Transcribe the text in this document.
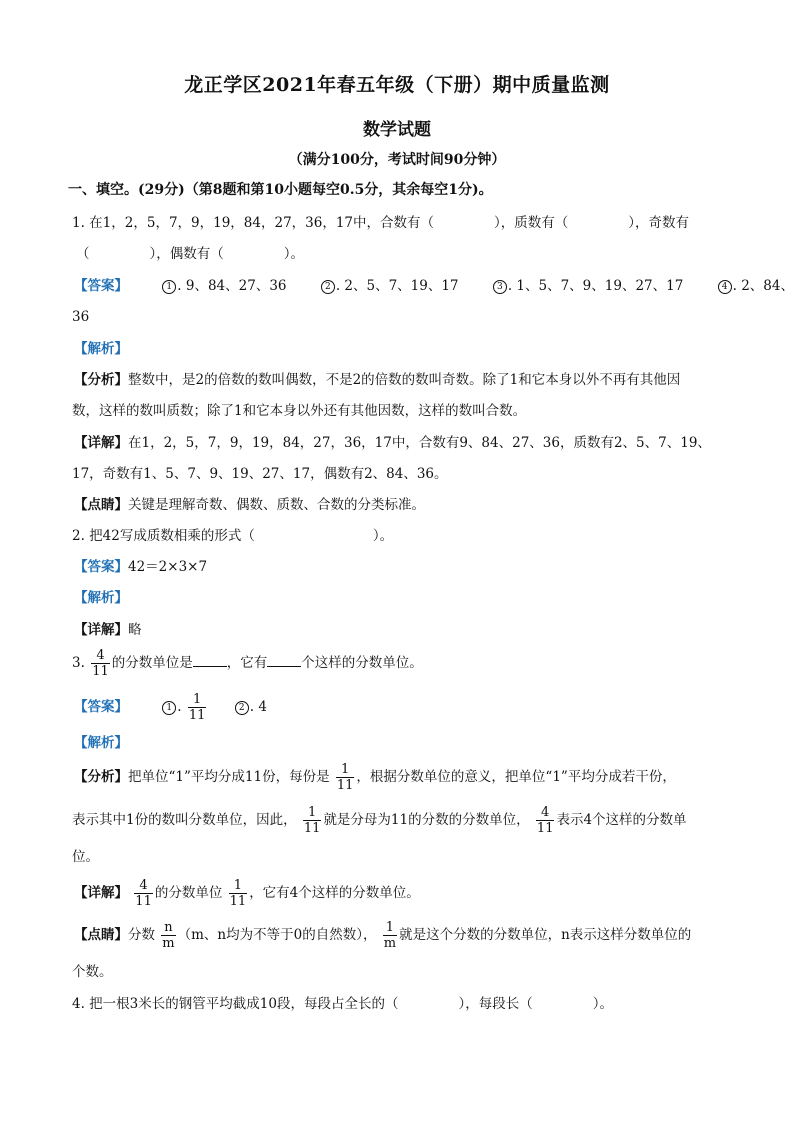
龙正学区2021年春五年级（下册）期中质量监测
数学试题
（满分100分，考试时间90分钟）
一、填空。(29分)（第8题和第10小题每空0.5分，其余每空1分)。
1. 在1，2，5，7，9，19，84，27，36，17中，合数有（	），质数有（	），奇数有
（	），偶数有（	）。
【答案】	1 . 9、84、27、36	2 . 2、5、7、19、17	3 . 1、5、7、9、19、27、17	4 . 2、84、
36
【解析】
【分析】整数中，是2的倍数的数叫偶数，不是2的倍数的数叫奇数。除了1和它本身以外不再有其他因
数，这样的数叫质数；除了1和它本身以外还有其他因数，这样的数叫合数。
【详解】在1，2，5，7，9，19，84，27，36，17中，合数有9、84、27、36，质数有2、5、7、19、
17，奇数有1、5、7、9、19、27、17，偶数有2、84、36。
【点睛】关键是理解奇数、偶数、质数、合数的分类标准。
2. 把42写成质数相乘的形式（	）。
【答案】42＝2×3×7
【解析】
【详解】略
3. $\frac{4}{11}$ 的分数单位是	，它有	个这样的分数单位。
【答案】	1 . $\frac{1}{11}$	2 . 4
【解析】
【分析】把单位“1”平均分成11份，每份是 $\frac{1}{11}$ ，根据分数单位的意义，把单位“1”平均分成若干份，
表示其中1份的数叫分数单位，因此， $\frac{1}{11}$ 就是分母为11的分数的分数单位， $\frac{4}{11}$ 表示4个这样的分数单
位。
【详解】 $\frac{4}{11}$ 的分数单位 $\frac{1}{11}$ ，它有4个这样的分数单位。
【点睛】分数 $\frac{n}{m} (m$、n均为不等于0的自然数）， $\frac{1}{m}$ 就是这个分数的分数单位，n表示这样分数单位的
个数。
4. 把一根3米长的钢管平均截成10段，每段占全长的（	），每段长（	）。
